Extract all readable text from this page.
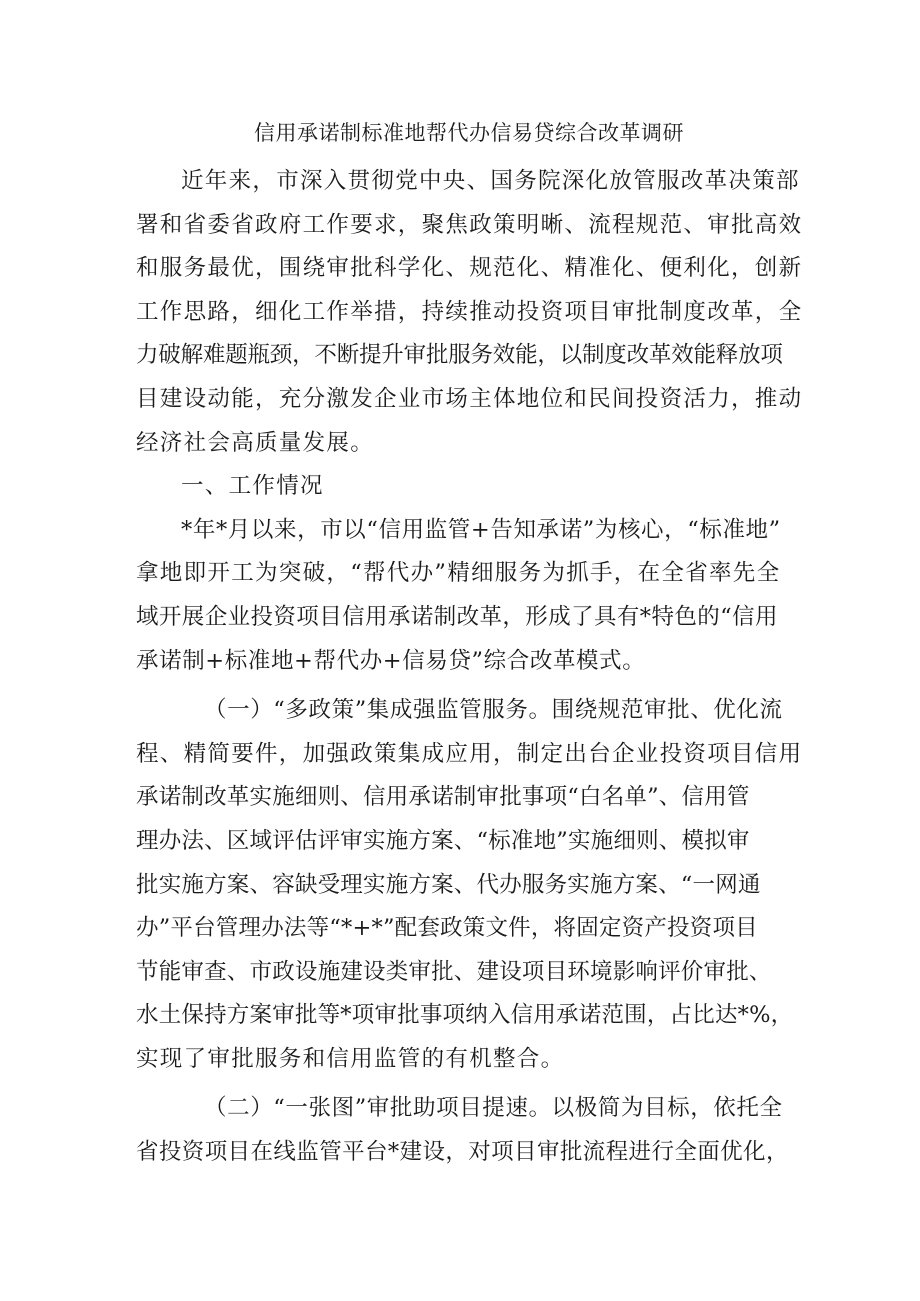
信用承诺制标准地帮代办信易贷综合改革调研

近年来，市深入贯彻党中央、国务院深化放管服改革决策部

署和省委省政府工作要求，聚焦政策明晰、流程规范、审批高效

和服务最优，围绕审批科学化、规范化、精准化、便利化，创新

工作思路，细化工作举措，持续推动投资项目审批制度改革，全

力破解难题瓶颈，不断提升审批服务效能，以制度改革效能释放项

目建设动能，充分激发企业市场主体地位和民间投资活力，推动

经济社会高质量发展。

一、工作情况

*年*月以来，市以“信用监管+告知承诺”为核心，“标准地”

拿地即开工为突破，“帮代办”精细服务为抓手，在全省率先全

域开展企业投资项目信用承诺制改革，形成了具有*特色的“信用

承诺制+标准地+帮代办+信易贷”综合改革模式。

（一）“多政策”集成强监管服务。围绕规范审批、优化流

程、精简要件，加强政策集成应用，制定出台企业投资项目信用

承诺制改革实施细则、信用承诺制审批事项“白名单”、信用管

理办法、区域评估评审实施方案、“标准地”实施细则、模拟审

批实施方案、容缺受理实施方案、代办服务实施方案、“一网通

办”平台管理办法等“*+*”配套政策文件，将固定资产投资项目

节能审查、市政设施建设类审批、建设项目环境影响评价审批、

水土保持方案审批等*项审批事项纳入信用承诺范围，占比达*%，

实现了审批服务和信用监管的有机整合。

（二）“一张图”审批助项目提速。以极简为目标，依托全

省投资项目在线监管平台*建设，对项目审批流程进行全面优化，
